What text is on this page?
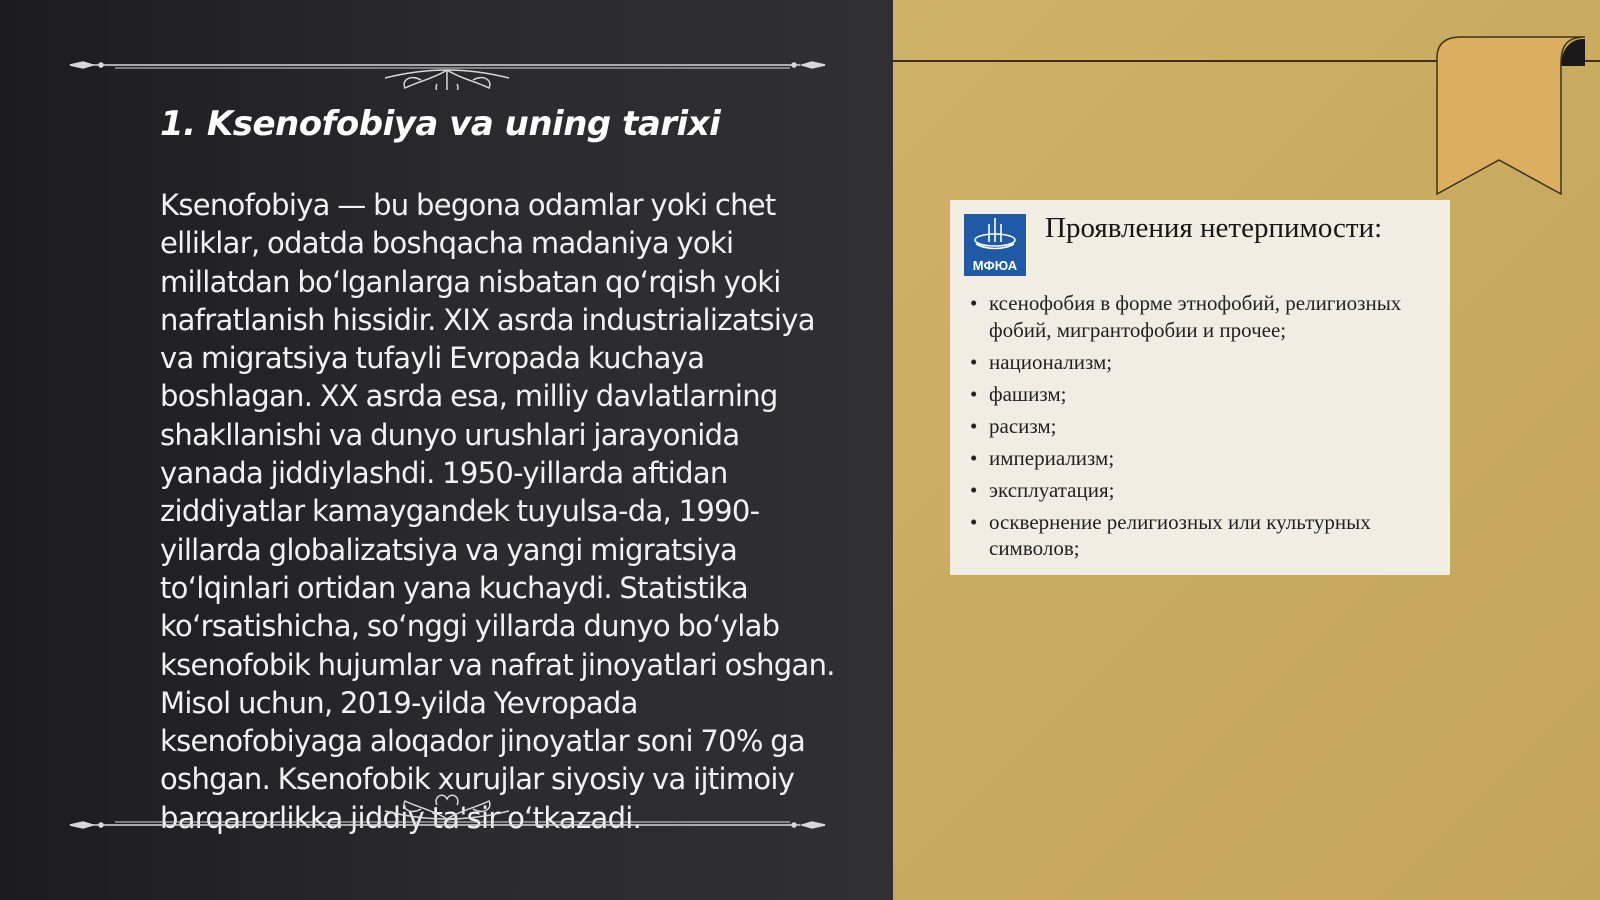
1. Ksenofobiya va uning tarixi

Ksenofobiya — bu begona odamlar yoki chet elliklar, odatda boshqacha madaniya yoki millatdan boʻlganlarga nisbatan qoʻrqish yoki nafratlanish hissidir. XIX asrda industrializatsiya va migratsiya tufayli Evropada kuchaya boshlagan. XX asrda esa, milliy davlatlarning shakllanishi va dunyo urushlari jarayonida yanada jiddiylashdi. 1950-yillarda aftidan ziddiyatlar kamaygandek tuyulsa-da, 1990-yillarda globalizatsiya va yangi migratsiya toʻlqinlari ortidan yana kuchaydi. Statistika koʻrsatishicha, soʻnggi yillarda dunyo boʻylab ksenofobik hujumlar va nafrat jinoyatlari oshgan. Misol uchun, 2019-yilda Yevropada ksenofobiyaga aloqador jinoyatlar soni 70% ga oshgan. Ksenofobik xurujlar siyosiy va ijtimoiy barqarorlikka jiddiy ta'sir oʻtkazadi.

МФЮА
Проявления нетерпимости:
• ксенофобия в форме этнофобий, религиозных фобий, мигрантофобии и прочее;
• национализм;
• фашизм;
• расизм;
• империализм;
• эксплуатация;
• осквернение религиозных или культурных символов;
